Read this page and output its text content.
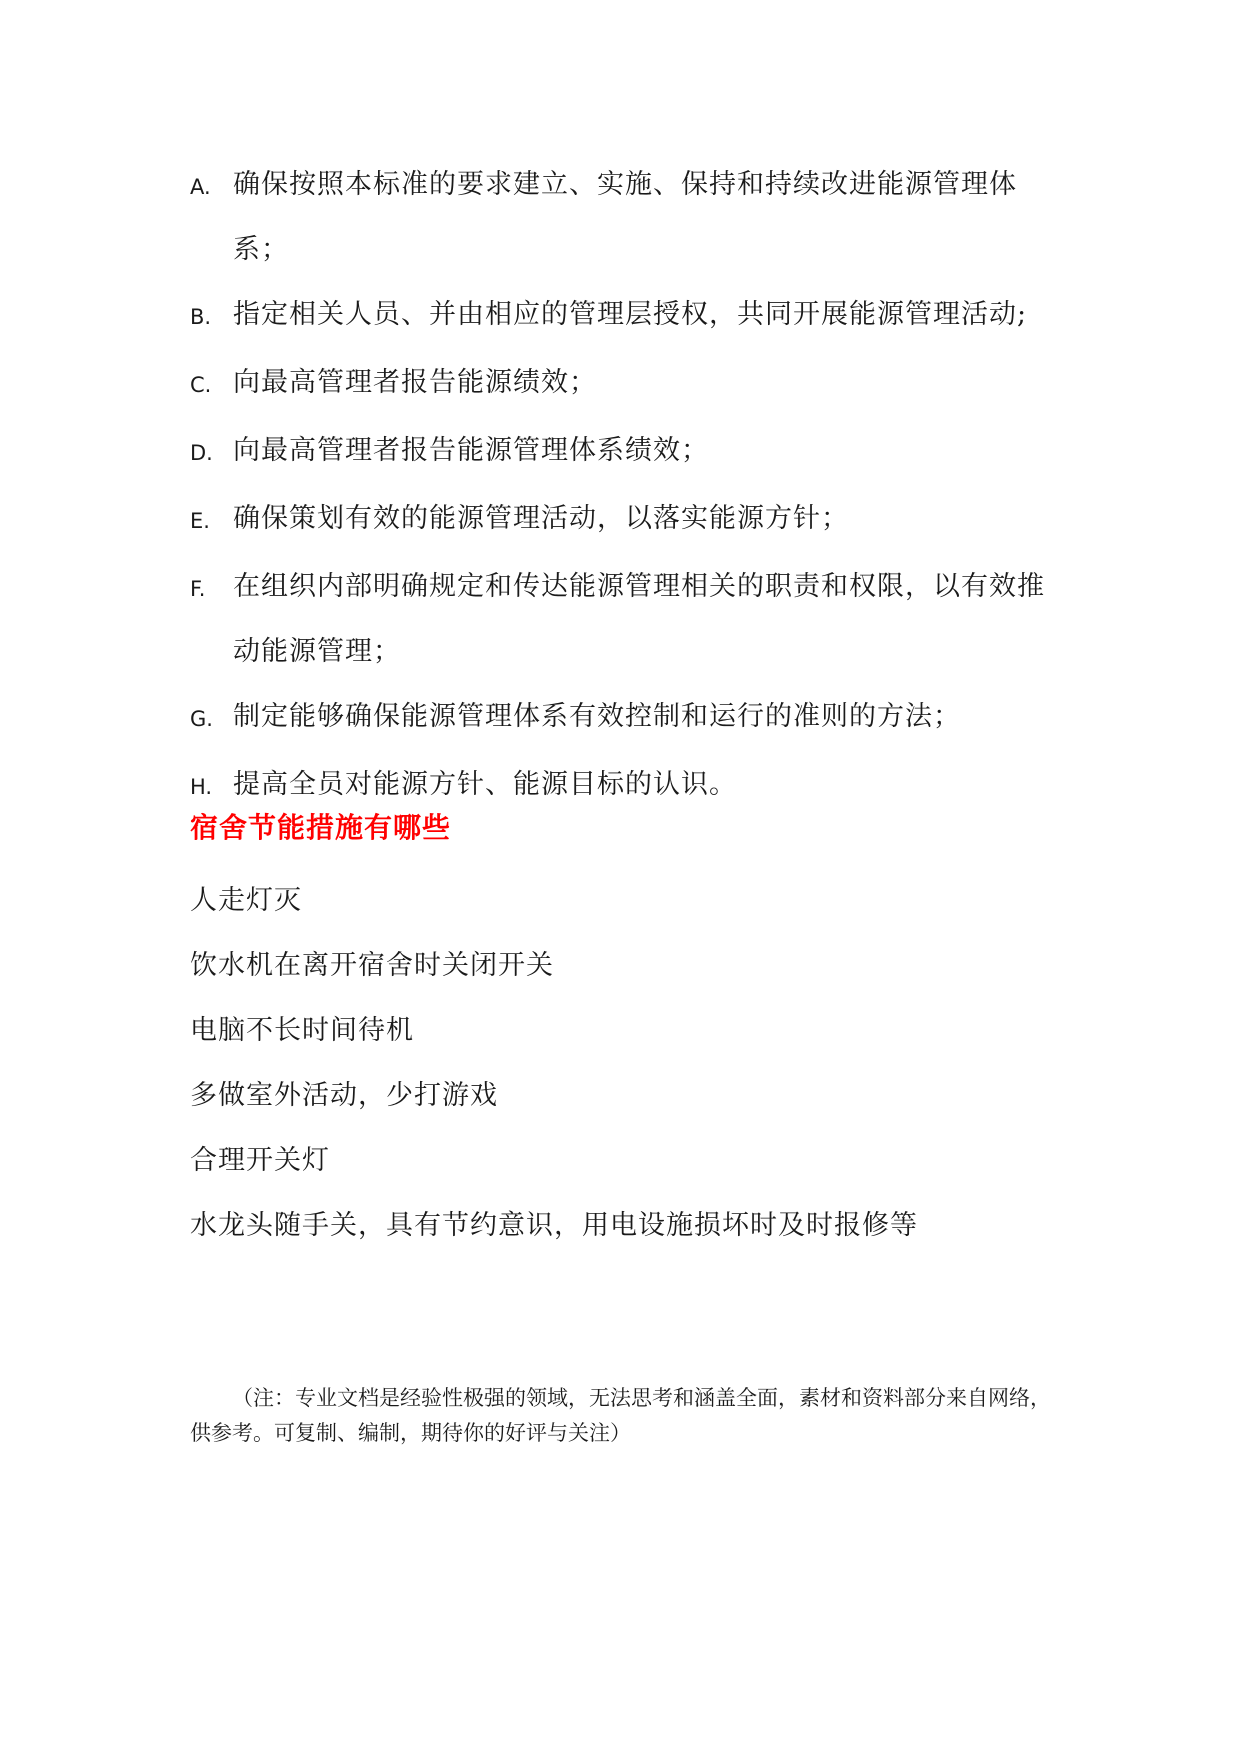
A. 确保按照本标准的要求建立、实施、保持和持续改进能源管理体系；
B. 指定相关人员、并由相应的管理层授权，共同开展能源管理活动;
C. 向最高管理者报告能源绩效；
D. 向最高管理者报告能源管理体系绩效；
E. 确保策划有效的能源管理活动，以落实能源方针；
F.	在组织内部明确规定和传达能源管理相关的职责和权限，以有效推动能源管理；
G. 制定能够确保能源管理体系有效控制和运行的准则的方法；
H. 提高全员对能源方针、能源目标的认识。
宿舍节能措施有哪些
人走灯灭
饮水机在离开宿舍时关闭开关
电脑不长时间待机
多做室外活动，少打游戏
合理开关灯
水龙头随手关，具有节约意识，用电设施损坏时及时报修等

（注：专业文档是经验性极强的领域，无法思考和涵盖全面，素材和资料部分来自网络，供参考。可复制、编制，期待你的好评与关注）
